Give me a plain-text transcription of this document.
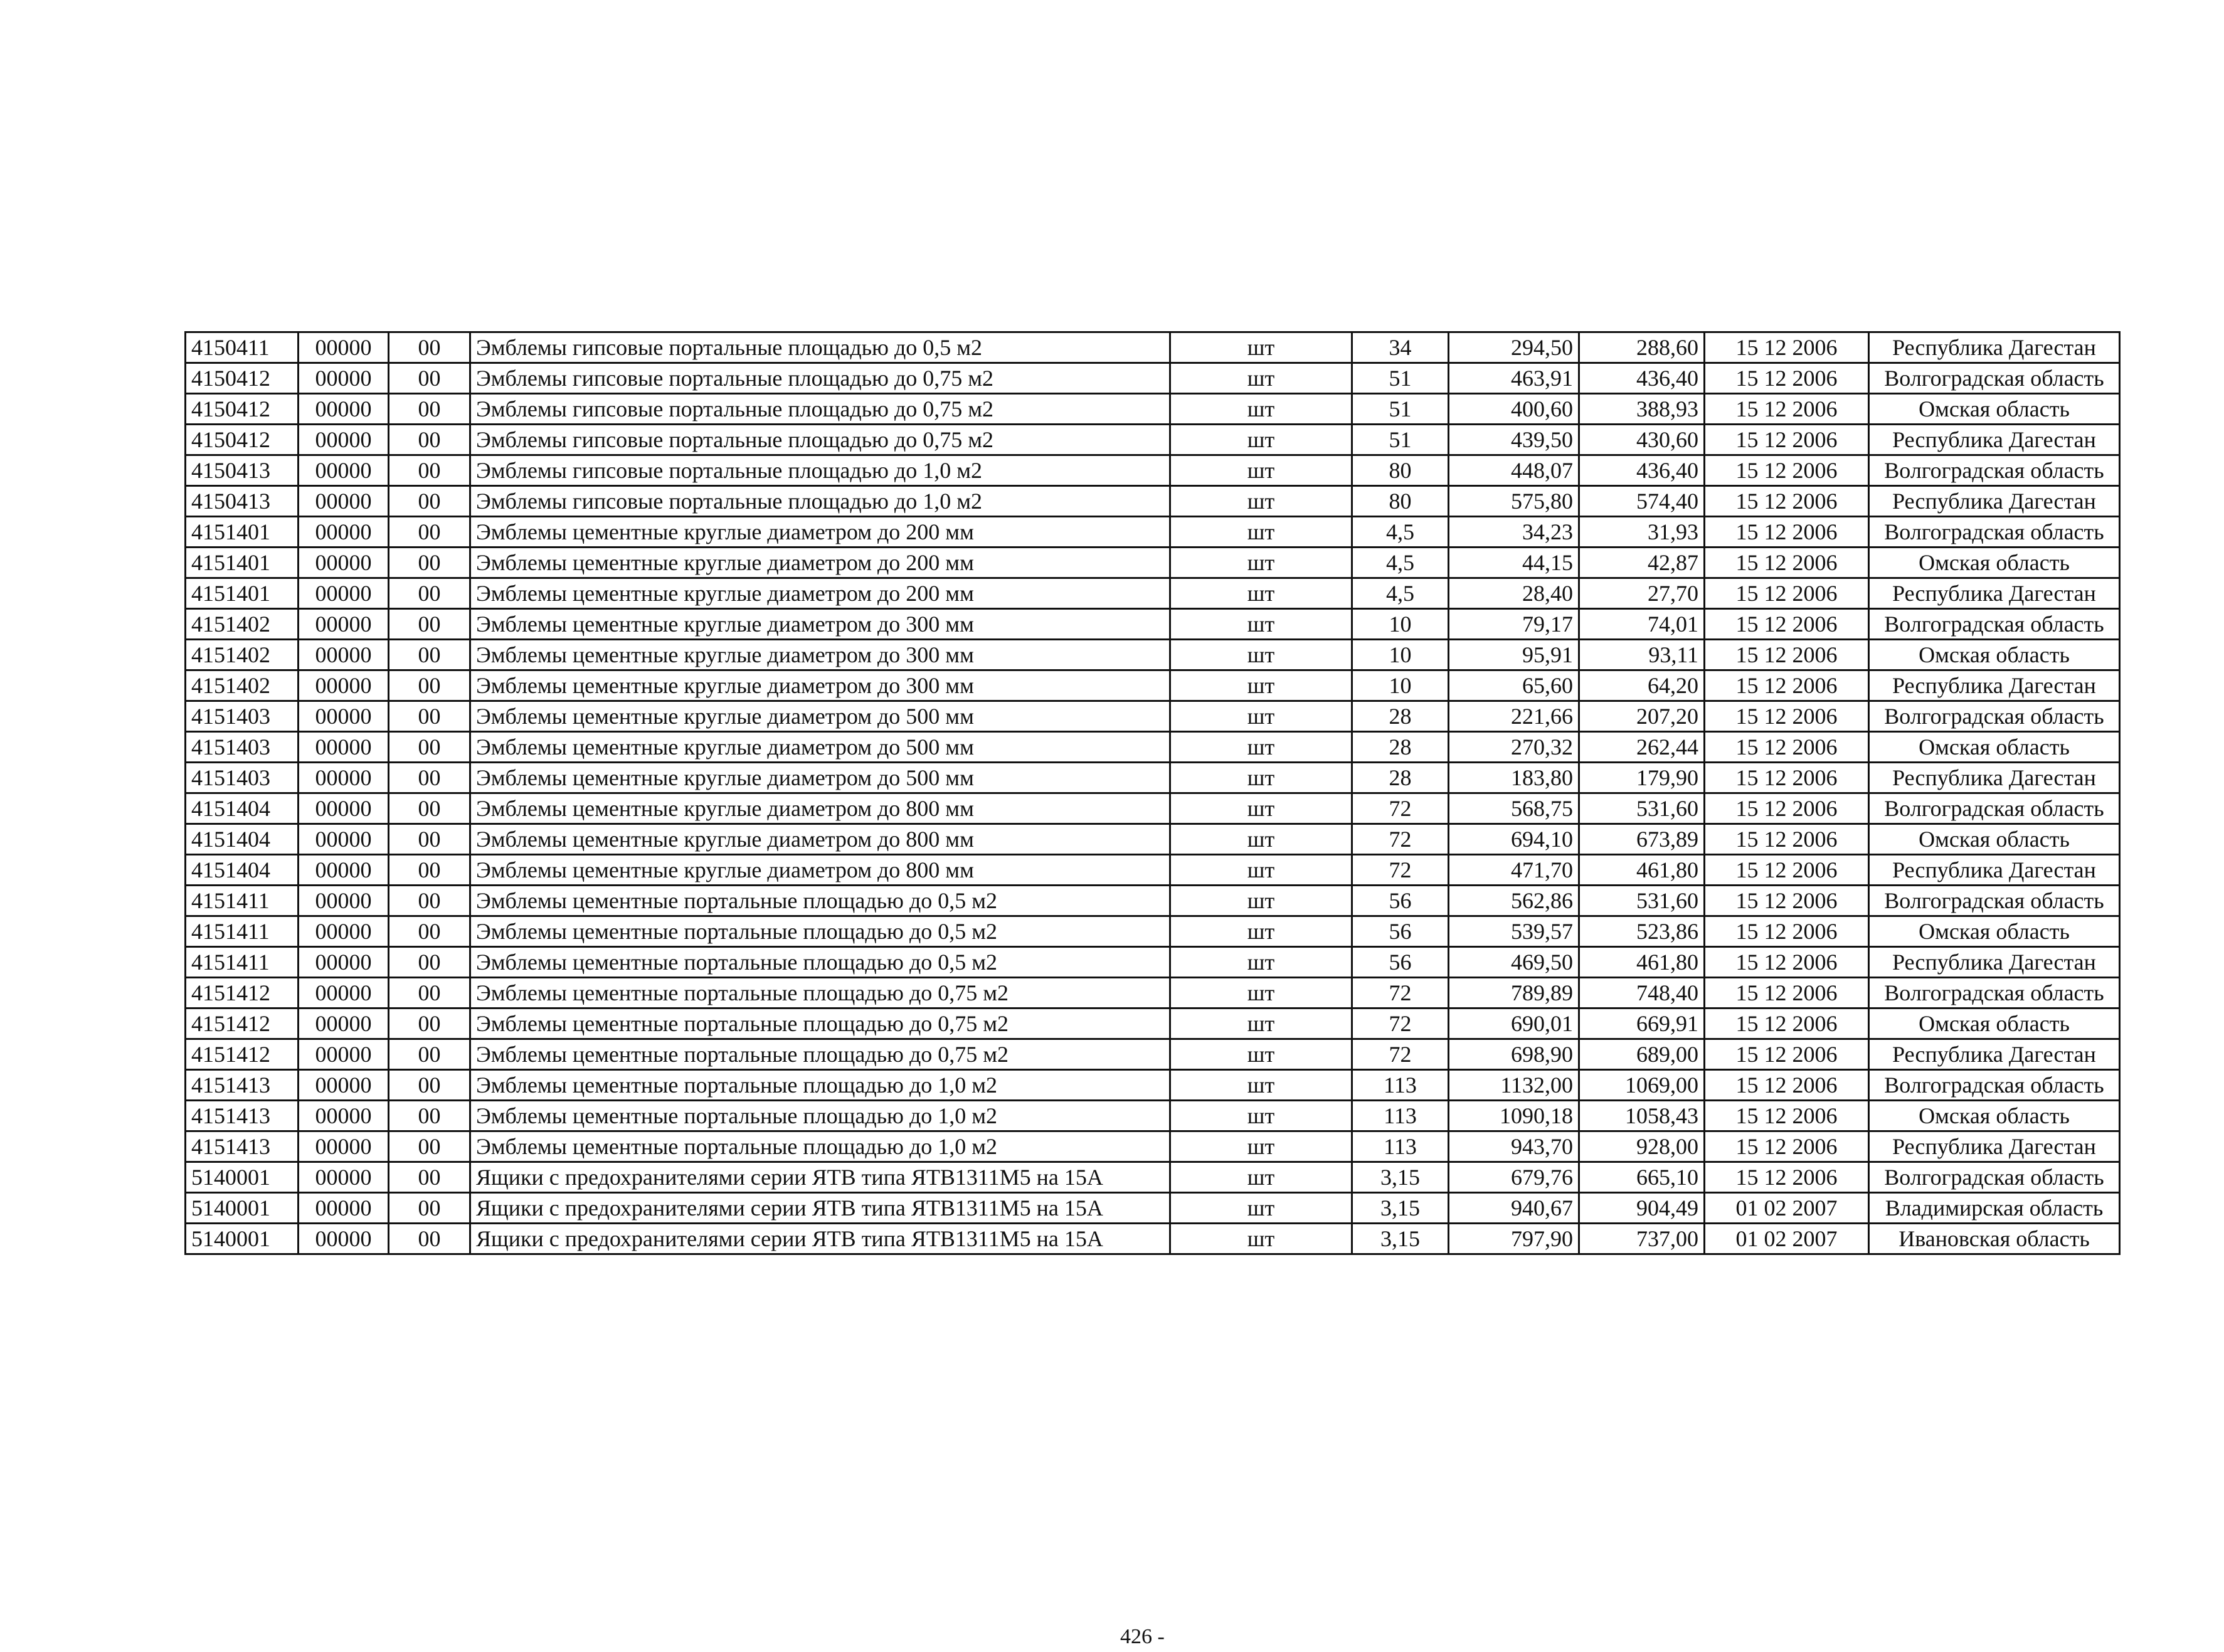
4150411	00000	00	Эмблемы гипсовые портальные площадью до 0,5 м2	шт	34	294,50	288,60	15 12 2006	Республика Дагестан
4150412	00000	00	Эмблемы гипсовые портальные площадью до 0,75 м2	шт	51	463,91	436,40	15 12 2006	Волгоградская область
4150412	00000	00	Эмблемы гипсовые портальные площадью до 0,75 м2	шт	51	400,60	388,93	15 12 2006	Омская область
4150412	00000	00	Эмблемы гипсовые портальные площадью до 0,75 м2	шт	51	439,50	430,60	15 12 2006	Республика Дагестан
4150413	00000	00	Эмблемы гипсовые портальные площадью до 1,0 м2	шт	80	448,07	436,40	15 12 2006	Волгоградская область
4150413	00000	00	Эмблемы гипсовые портальные площадью до 1,0 м2	шт	80	575,80	574,40	15 12 2006	Республика Дагестан
4151401	00000	00	Эмблемы цементные круглые диаметром до 200 мм	шт	4,5	34,23	31,93	15 12 2006	Волгоградская область
4151401	00000	00	Эмблемы цементные круглые диаметром до 200 мм	шт	4,5	44,15	42,87	15 12 2006	Омская область
4151401	00000	00	Эмблемы цементные круглые диаметром до 200 мм	шт	4,5	28,40	27,70	15 12 2006	Республика Дагестан
4151402	00000	00	Эмблемы цементные круглые диаметром до 300 мм	шт	10	79,17	74,01	15 12 2006	Волгоградская область
4151402	00000	00	Эмблемы цементные круглые диаметром до 300 мм	шт	10	95,91	93,11	15 12 2006	Омская область
4151402	00000	00	Эмблемы цементные круглые диаметром до 300 мм	шт	10	65,60	64,20	15 12 2006	Республика Дагестан
4151403	00000	00	Эмблемы цементные круглые диаметром до 500 мм	шт	28	221,66	207,20	15 12 2006	Волгоградская область
4151403	00000	00	Эмблемы цементные круглые диаметром до 500 мм	шт	28	270,32	262,44	15 12 2006	Омская область
4151403	00000	00	Эмблемы цементные круглые диаметром до 500 мм	шт	28	183,80	179,90	15 12 2006	Республика Дагестан
4151404	00000	00	Эмблемы цементные круглые диаметром до 800 мм	шт	72	568,75	531,60	15 12 2006	Волгоградская область
4151404	00000	00	Эмблемы цементные круглые диаметром до 800 мм	шт	72	694,10	673,89	15 12 2006	Омская область
4151404	00000	00	Эмблемы цементные круглые диаметром до 800 мм	шт	72	471,70	461,80	15 12 2006	Республика Дагестан
4151411	00000	00	Эмблемы цементные портальные площадью до 0,5 м2	шт	56	562,86	531,60	15 12 2006	Волгоградская область
4151411	00000	00	Эмблемы цементные портальные площадью до 0,5 м2	шт	56	539,57	523,86	15 12 2006	Омская область
4151411	00000	00	Эмблемы цементные портальные площадью до 0,5 м2	шт	56	469,50	461,80	15 12 2006	Республика Дагестан
4151412	00000	00	Эмблемы цементные портальные площадью до 0,75 м2	шт	72	789,89	748,40	15 12 2006	Волгоградская область
4151412	00000	00	Эмблемы цементные портальные площадью до 0,75 м2	шт	72	690,01	669,91	15 12 2006	Омская область
4151412	00000	00	Эмблемы цементные портальные площадью до 0,75 м2	шт	72	698,90	689,00	15 12 2006	Республика Дагестан
4151413	00000	00	Эмблемы цементные портальные площадью до 1,0 м2	шт	113	1132,00	1069,00	15 12 2006	Волгоградская область
4151413	00000	00	Эмблемы цементные портальные площадью до 1,0 м2	шт	113	1090,18	1058,43	15 12 2006	Омская область
4151413	00000	00	Эмблемы цементные портальные площадью до 1,0 м2	шт	113	943,70	928,00	15 12 2006	Республика Дагестан
5140001	00000	00	Ящики с предохранителями серии ЯТВ типа ЯТВ1311М5 на 15А	шт	3,15	679,76	665,10	15 12 2006	Волгоградская область
5140001	00000	00	Ящики с предохранителями серии ЯТВ типа ЯТВ1311М5 на 15А	шт	3,15	940,67	904,49	01 02 2007	Владимирская область
5140001	00000	00	Ящики с предохранителями серии ЯТВ типа ЯТВ1311М5 на 15А	шт	3,15	797,90	737,00	01 02 2007	Ивановская область
426 -
